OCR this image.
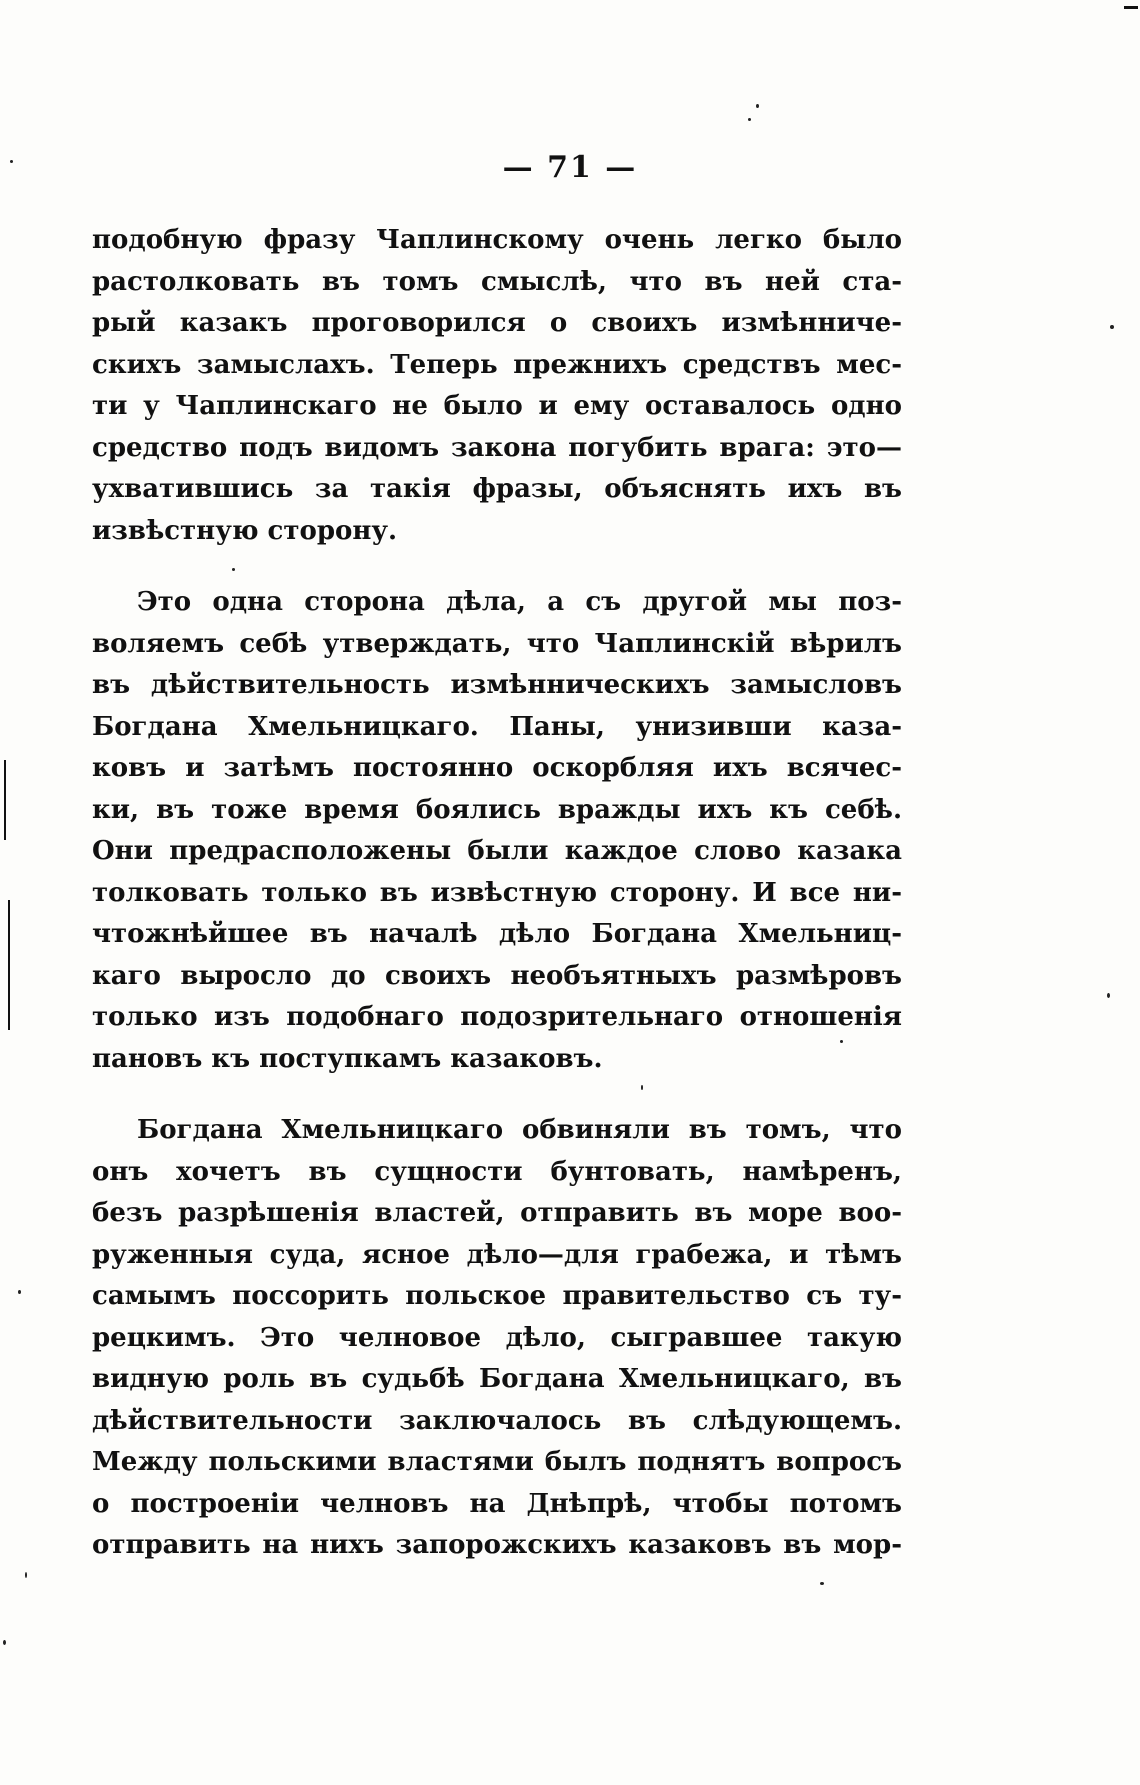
— 71 —
подобную фразу Чаплинскому очень легко было
растолковать въ томъ смыслѣ, что въ ней ста-
рый казакъ проговорился о своихъ измѣнниче-
скихъ замыслахъ. Теперь прежнихъ средствъ мес-
ти у Чаплинскаго не было и ему оставалось одно
средство подъ видомъ закона погубить врага: это—
ухватившись за такія фразы, объяснять ихъ въ
извѣстную сторону.
Это одна сторона дѣла, а съ другой мы поз-
воляемъ себѣ утверждать, что Чаплинскій вѣрилъ
въ дѣйствительность измѣнническихъ замысловъ
Богдана Хмельницкаго. Паны, унизивши каза-
ковъ и затѣмъ постоянно оскорбляя ихъ всячес-
ки, въ тоже время боялись вражды ихъ къ себѣ.
Они предрасположены были каждое слово казака
толковать только въ извѣстную сторону. И все ни-
чтожнѣйшее въ началѣ дѣло Богдана Хмельниц-
каго выросло до своихъ необъятныхъ размѣровъ
только изъ подобнаго подозрительнаго отношенія
пановъ къ поступкамъ казаковъ.
Богдана Хмельницкаго обвиняли въ томъ, что
онъ хочетъ въ сущности бунтовать, намѣренъ,
безъ разрѣшенія властей, отправить въ море воо-
руженныя суда, ясное дѣло—для грабежа, и тѣмъ
самымъ поссорить польское правительство съ ту-
рецкимъ. Это челновое дѣло, сыгравшее такую
видную роль въ судьбѣ Богдана Хмельницкаго, въ
дѣйствительности заключалось въ слѣдующемъ.
Между польскими властями былъ поднятъ вопросъ
о построеніи челновъ на Днѣпрѣ, чтобы потомъ
отправить на нихъ запорожскихъ казаковъ въ мор-
